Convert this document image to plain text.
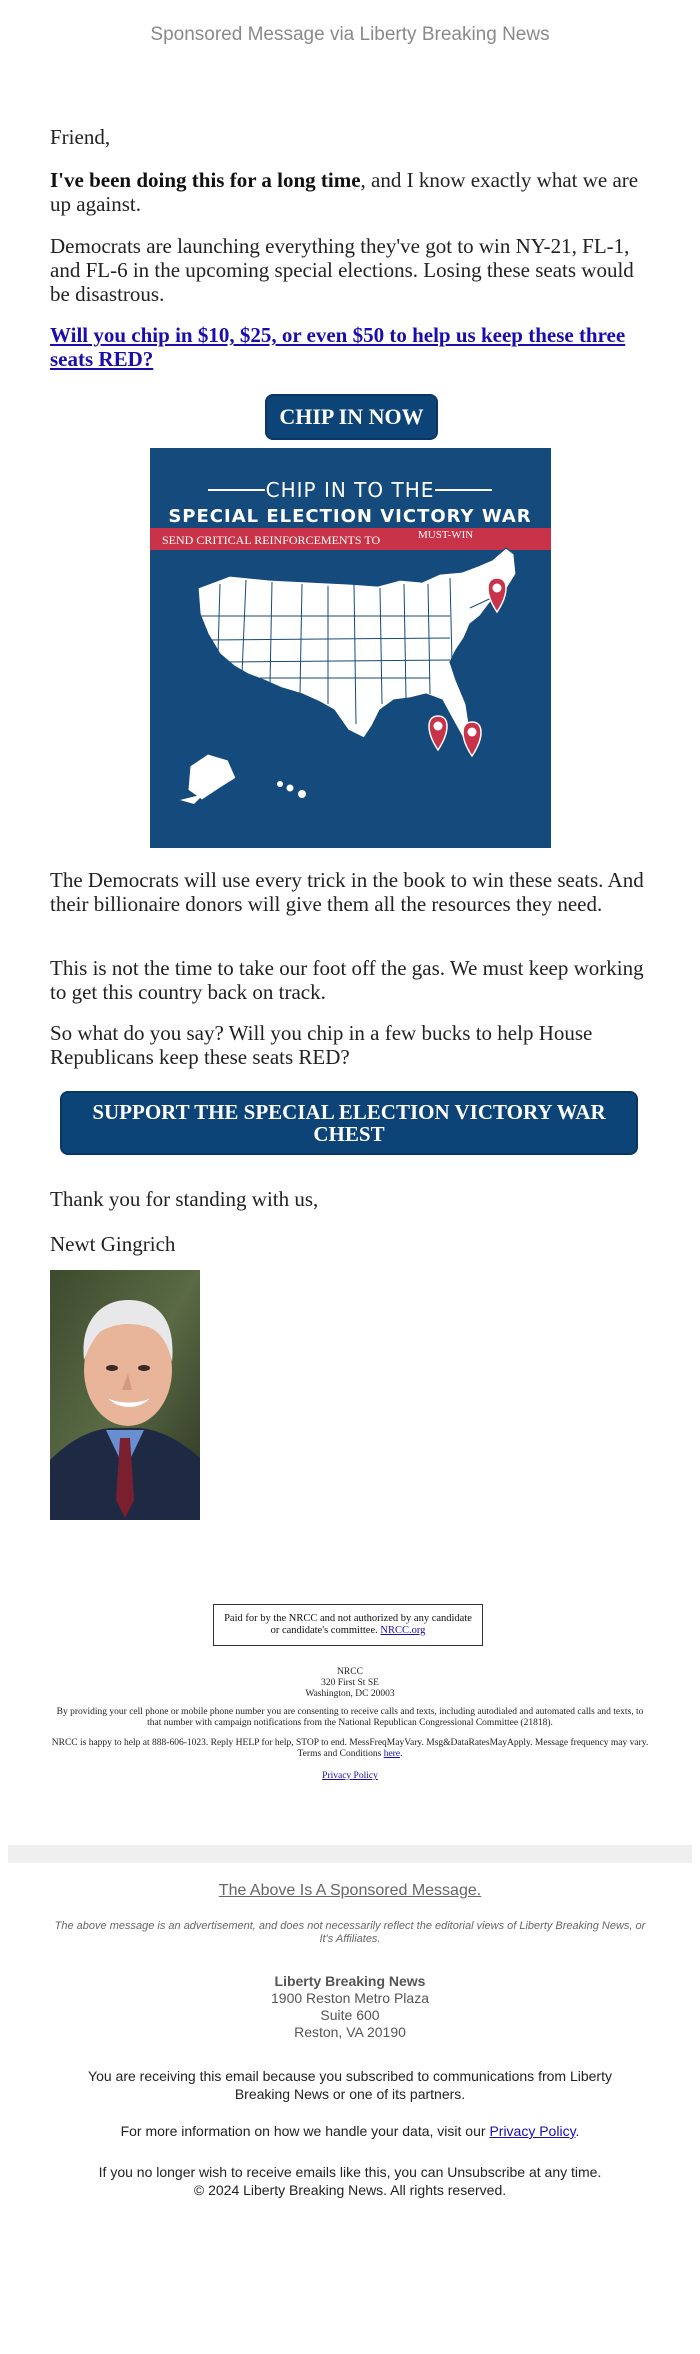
Sponsored Message via Liberty Breaking News
Friend,
I've been doing this for a long time, and I know exactly what we are up against.
Democrats are launching everything they've got to win NY-21, FL-1, and FL-6 in the upcoming special elections. Losing these seats would be disastrous.
Will you chip in $10, $25, or even $50 to help us keep these three seats RED?
CHIP IN NOW
CHIP IN TO THE
SPECIAL ELECTION VICTORY WAR
SEND CRITICAL REINFORCEMENTS TO	MUST-WIN
The Democrats will use every trick in the book to win these seats. And their billionaire donors will give them all the resources they need.
This is not the time to take our foot off the gas. We must keep working to get this country back on track.
So what do you say? Will you chip in a few bucks to help House Republicans keep these seats RED?
SUPPORT THE SPECIAL ELECTION VICTORY WAR CHEST
Thank you for standing with us,
Newt Gingrich
Paid for by the NRCC and not authorized by any candidate or candidate's committee. NRCC.org
NRCC
320 First St SE
Washington, DC 20003
By providing your cell phone or mobile phone number you are consenting to receive calls and texts, including autodialed and automated calls and texts, to that number with campaign notifications from the National Republican Congressional Committee (21818).
NRCC is happy to help at 888-606-1023. Reply HELP for help, STOP to end. MessFreqMayVary. Msg&DataRatesMayApply. Message frequency may vary. Terms and Conditions here.
Privacy Policy
The Above Is A Sponsored Message.
The above message is an advertisement, and does not necessarily reflect the editorial views of Liberty Breaking News, or It's Affiliates.
Liberty Breaking News
1900 Reston Metro Plaza
Suite 600
Reston, VA 20190
You are receiving this email because you subscribed to communications from Liberty Breaking News or one of its partners.
For more information on how we handle your data, visit our Privacy Policy.
If you no longer wish to receive emails like this, you can Unsubscribe at any time.
© 2024 Liberty Breaking News. All rights reserved.
